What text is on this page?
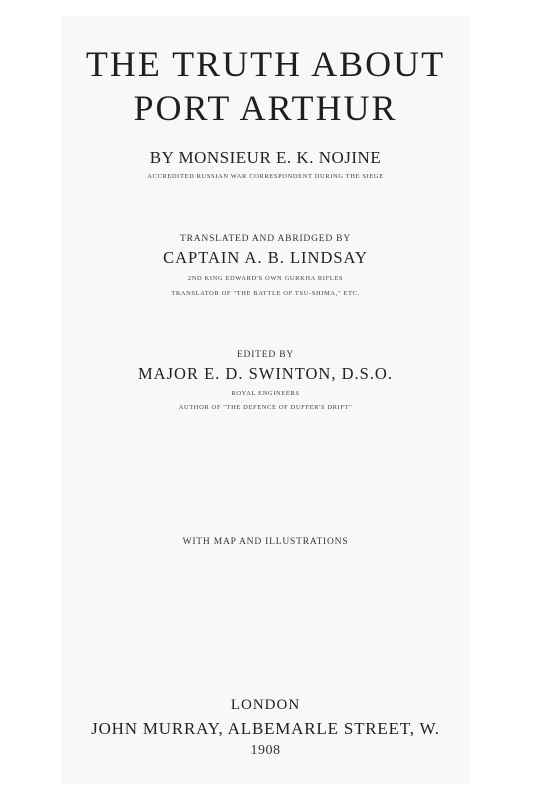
THE TRUTH ABOUT
PORT ARTHUR
BY MONSIEUR E. K. NOJINE
ACCREDITED RUSSIAN WAR CORRESPONDENT DURING THE SIEGE
TRANSLATED AND ABRIDGED BY
CAPTAIN A. B. LINDSAY
2ND KING EDWARD'S OWN GURKHA RIFLES
TRANSLATOR OF "THE BATTLE OF TSU-SHIMA," ETC.
EDITED BY
MAJOR E. D. SWINTON, D.S.O.
ROYAL ENGINEERS
AUTHOR OF "THE DEFENCE OF DUFFER'S DRIFT"
WITH MAP AND ILLUSTRATIONS
LONDON
JOHN MURRAY, ALBEMARLE STREET, W.
1908
